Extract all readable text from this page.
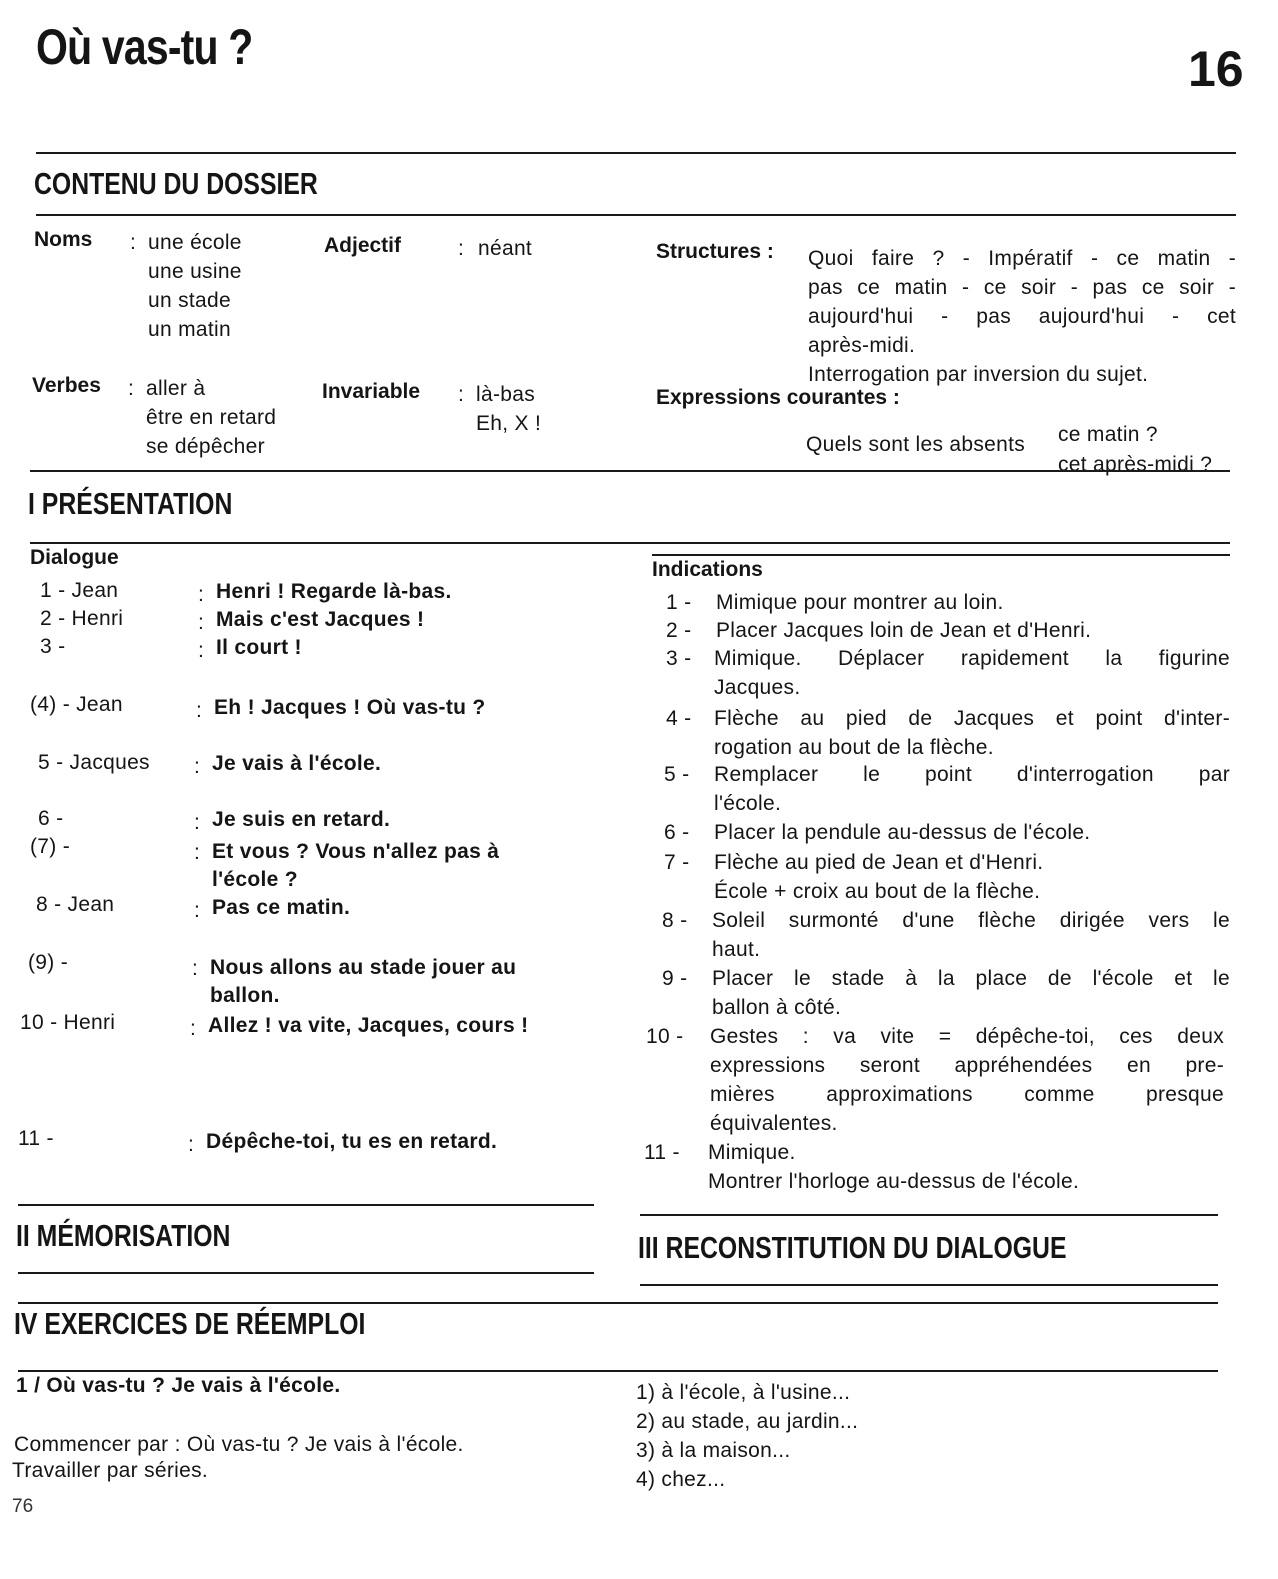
Où vas-tu ?	16
CONTENU DU DOSSIER
Noms : une école
une usine
un stade
un matin
Adjectif	: néant
Verbes : aller à
être en retard
se dépêcher
Invariable : là-bas
Eh, X !
Structures : Quoi faire ? - Impératif - ce matin -
pas ce matin - ce soir - pas ce soir -
aujourd'hui - pas aujourd'hui - cet
après-midi.
Interrogation par inversion du sujet.
Expressions courantes :
Quels sont les absents ce matin ?
cet après-midi ?
I PRÉSENTATION
Dialogue
1 - Jean	: Henri ! Regarde là-bas.
2 - Henri	: Mais c'est Jacques !
3 -	: Il court !
(4) - Jean	: Eh ! Jacques ! Où vas-tu ?
5 - Jacques : Je vais à l'école.
6 -	: Je suis en retard.
(7) -	: Et vous ? Vous n'allez pas à
l'école ?
8 - Jean	: Pas ce matin.
(9) -	: Nous allons au stade jouer au
ballon.
10 - Henri	: Allez ! va vite, Jacques, cours !
11 -	: Dépêche-toi, tu es en retard.
Indications
1 -	Mimique pour montrer au loin.
2 -	Placer Jacques loin de Jean et d'Henri.
3 -	Mimique. Déplacer rapidement la figurine
Jacques.
4 -	Flèche au pied de Jacques et point d'inter-
rogation au bout de la flèche.
5 -	Remplacer le point d'interrogation par
l'école.
6 -	Placer la pendule au-dessus de l'école.
7 -	Flèche au pied de Jean et d'Henri.
École + croix au bout de la flèche.
8 -	Soleil surmonté d'une flèche dirigée vers le
haut.
9 -	Placer le stade à la place de l'école et le
ballon à côté.
10 -	Gestes : va vite = dépêche-toi, ces deux
expressions seront appréhendées en pre-
mières approximations comme presque
équivalentes.
11 -	Mimique.
Montrer l'horloge au-dessus de l'école.
II MÉMORISATION	III RECONSTITUTION DU DIALOGUE
IV EXERCICES DE RÉEMPLOI
1 / Où vas-tu ? Je vais à l'école.
Commencer par : Où vas-tu ? Je vais à l'école.
Travailler par séries.
1) à l'école, à l'usine...
2) au stade, au jardin...
3) à la maison...
4) chez...
76
